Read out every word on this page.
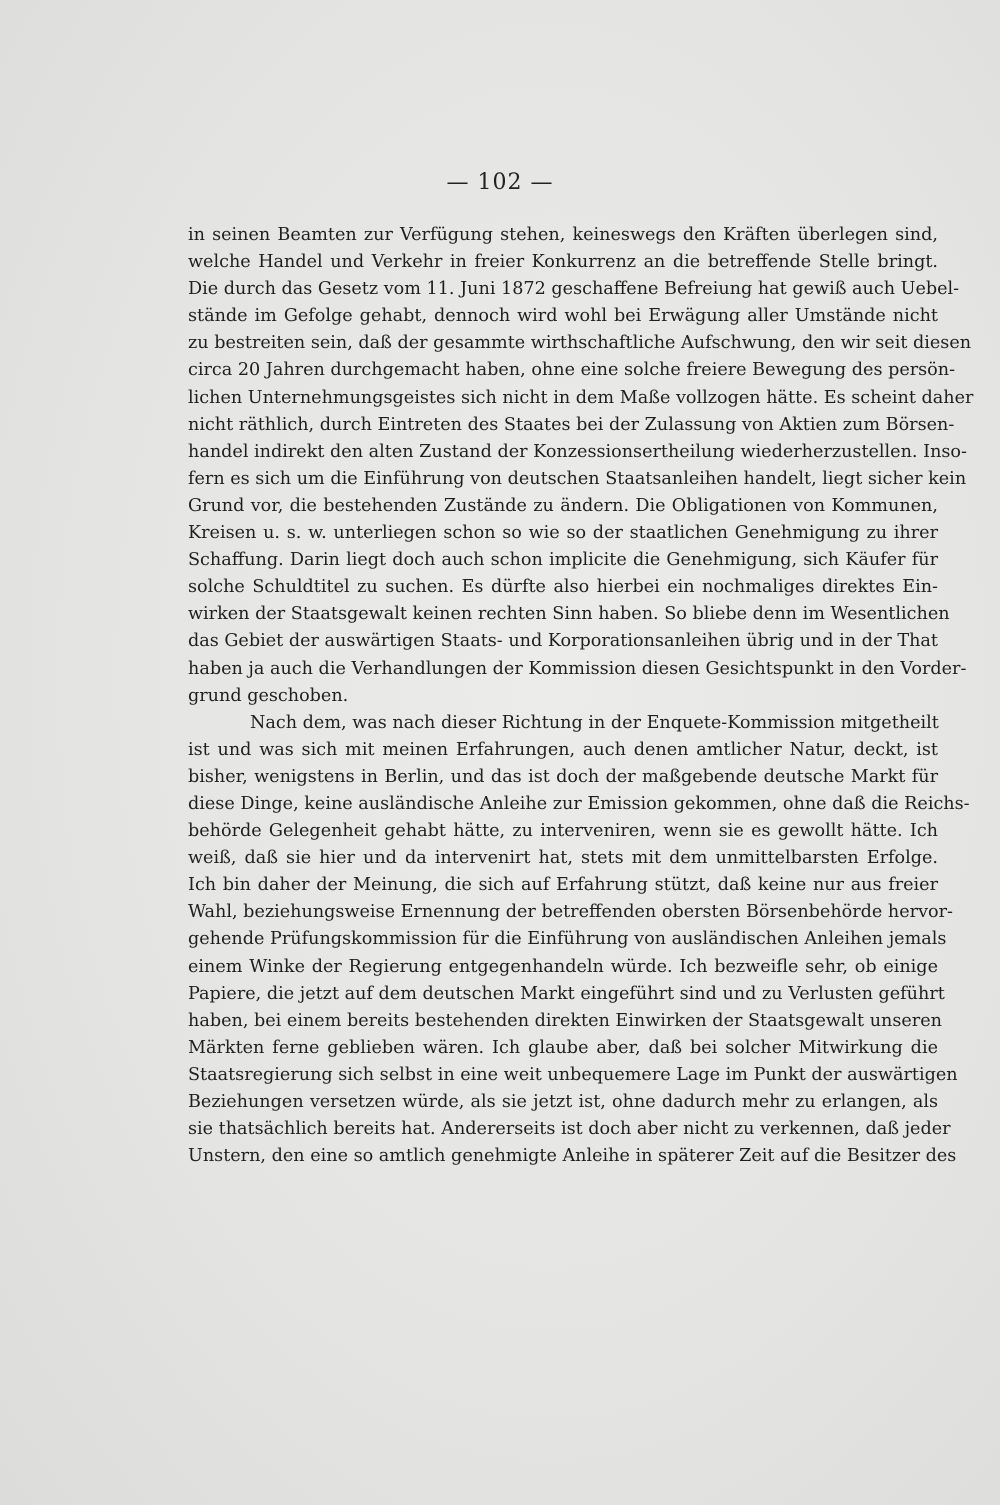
— 102 —
in seinen Beamten zur Verfügung stehen, keineswegs den Kräften überlegen sind,
welche Handel und Verkehr in freier Konkurrenz an die betreffende Stelle bringt.
Die durch das Gesetz vom 11. Juni 1872 geschaffene Befreiung hat gewiß auch Uebel-
stände im Gefolge gehabt, dennoch wird wohl bei Erwägung aller Umstände nicht
zu bestreiten sein, daß der gesammte wirthschaftliche Aufschwung, den wir seit diesen
circa 20 Jahren durchgemacht haben, ohne eine solche freiere Bewegung des persön-
lichen Unternehmungsgeistes sich nicht in dem Maße vollzogen hätte. Es scheint daher
nicht räthlich, durch Eintreten des Staates bei der Zulassung von Aktien zum Börsen-
handel indirekt den alten Zustand der Konzessionsertheilung wiederherzustellen. Inso-
fern es sich um die Einführung von deutschen Staatsanleihen handelt, liegt sicher kein
Grund vor, die bestehenden Zustände zu ändern. Die Obligationen von Kommunen,
Kreisen u. s. w. unterliegen schon so wie so der staatlichen Genehmigung zu ihrer
Schaffung. Darin liegt doch auch schon implicite die Genehmigung, sich Käufer für
solche Schuldtitel zu suchen. Es dürfte also hierbei ein nochmaliges direktes Ein-
wirken der Staatsgewalt keinen rechten Sinn haben. So bliebe denn im Wesentlichen
das Gebiet der auswärtigen Staats- und Korporationsanleihen übrig und in der That
haben ja auch die Verhandlungen der Kommission diesen Gesichtspunkt in den Vorder-
grund geschoben.
Nach dem, was nach dieser Richtung in der Enquete-Kommission mitgetheilt
ist und was sich mit meinen Erfahrungen, auch denen amtlicher Natur, deckt, ist
bisher, wenigstens in Berlin, und das ist doch der maßgebende deutsche Markt für
diese Dinge, keine ausländische Anleihe zur Emission gekommen, ohne daß die Reichs-
behörde Gelegenheit gehabt hätte, zu interveniren, wenn sie es gewollt hätte. Ich
weiß, daß sie hier und da intervenirt hat, stets mit dem unmittelbarsten Erfolge.
Ich bin daher der Meinung, die sich auf Erfahrung stützt, daß keine nur aus freier
Wahl, beziehungsweise Ernennung der betreffenden obersten Börsenbehörde hervor-
gehende Prüfungskommission für die Einführung von ausländischen Anleihen jemals
einem Winke der Regierung entgegenhandeln würde. Ich bezweifle sehr, ob einige
Papiere, die jetzt auf dem deutschen Markt eingeführt sind und zu Verlusten geführt
haben, bei einem bereits bestehenden direkten Einwirken der Staatsgewalt unseren
Märkten ferne geblieben wären. Ich glaube aber, daß bei solcher Mitwirkung die
Staatsregierung sich selbst in eine weit unbequemere Lage im Punkt der auswärtigen
Beziehungen versetzen würde, als sie jetzt ist, ohne dadurch mehr zu erlangen, als
sie thatsächlich bereits hat. Andererseits ist doch aber nicht zu verkennen, daß jeder
Unstern, den eine so amtlich genehmigte Anleihe in späterer Zeit auf die Besitzer des
